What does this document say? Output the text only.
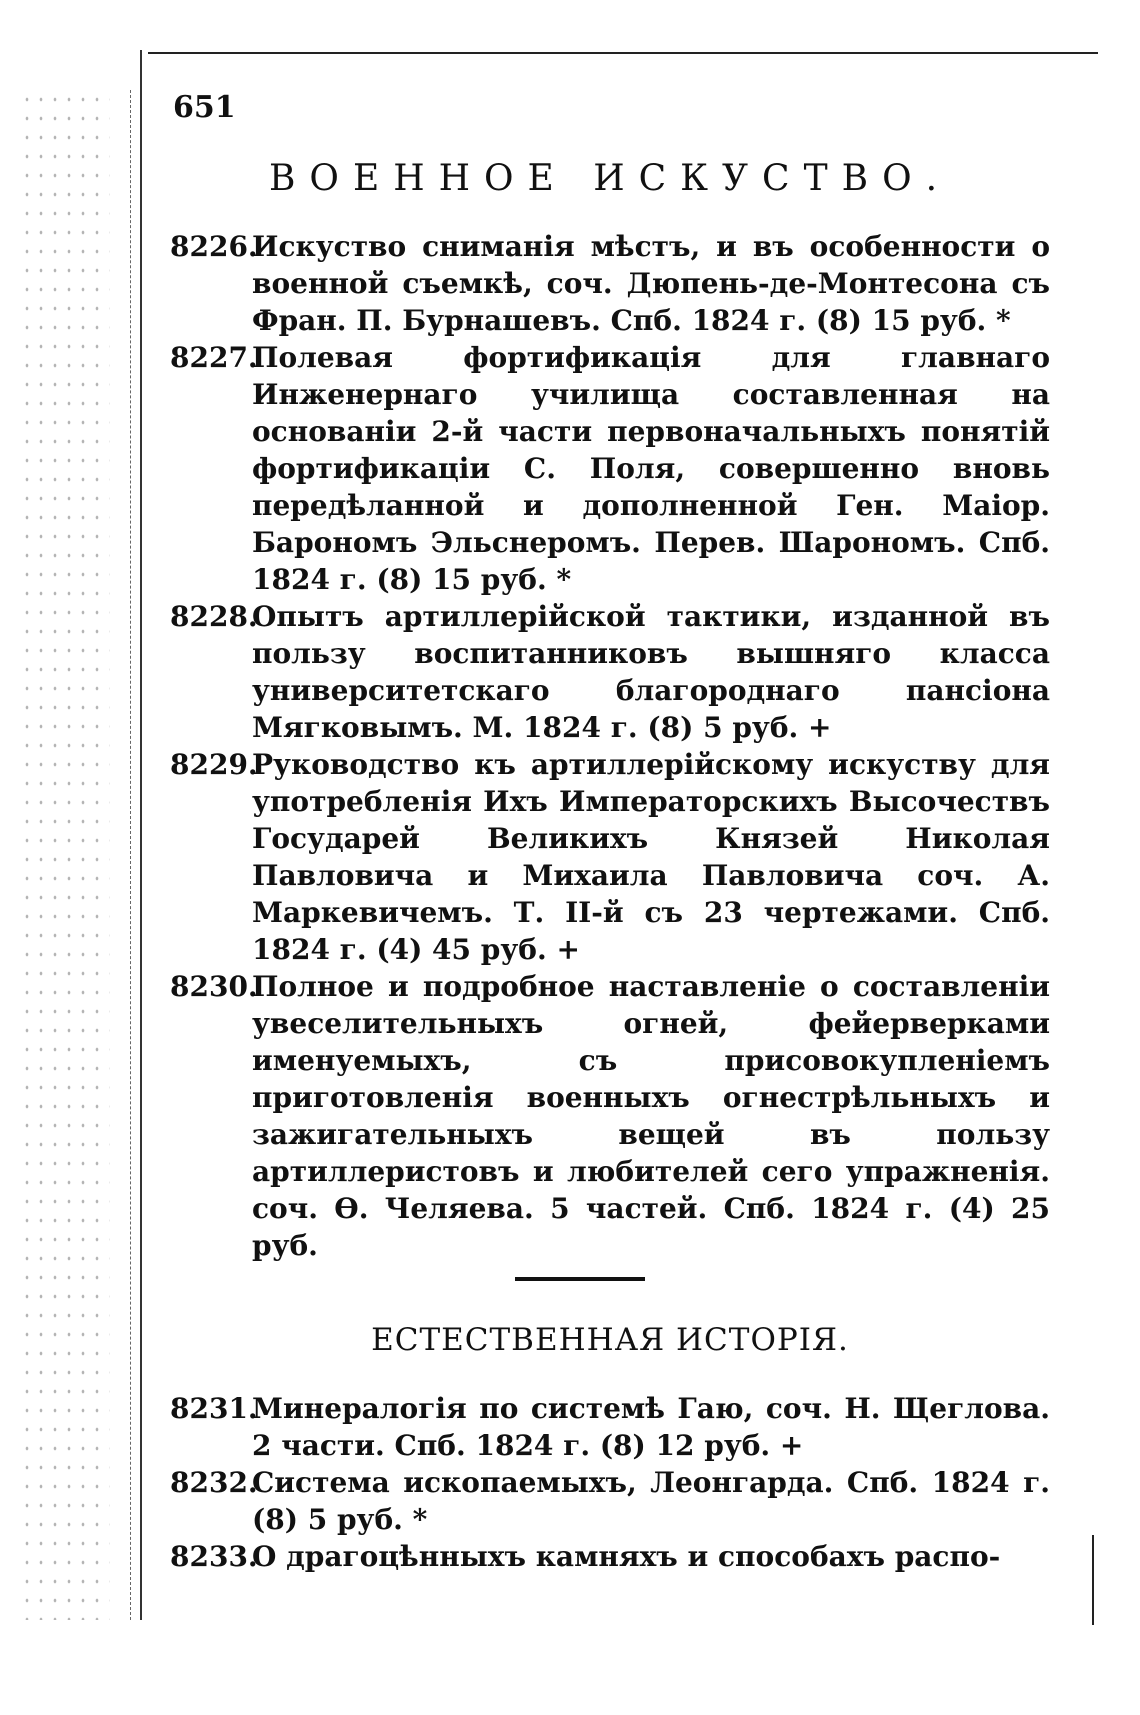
651
ВОЕННОЕ ИСКУСТВО.

8226.
Искуство сниманія мѣстъ, и въ особенности о военной съемкѣ, соч. Дюпень-де-Монтесона съ Фран. П. Бурнашевъ. Спб. 1824 г. (8) 15 руб. *

8227.
Полевая фортификація для главнаго Инженернаго училища составленная на основаніи 2-й части первоначальныхъ понятій фортификаціи С. Поля, совершенно вновь передѣланной и дополненной Ген. Маіор. Барономъ Эльснеромъ. Перев. Шарономъ. Спб. 1824 г. (8) 15 руб. *

8228.
Опытъ артиллерійской тактики, изданной въ пользу воспитанниковъ вышняго класса университетскаго благороднаго пансіона Мягковымъ. М. 1824 г. (8) 5 руб. +

8229.
Руководство къ артиллерійскому искуству для употребленія Ихъ Императорскихъ Высочествъ Государей Великихъ Князей Николая Павловича и Михаила Павловича соч. А. Маркевичемъ. Т. II-й съ 23 чертежами. Спб. 1824 г. (4) 45 руб. +

8230.
Полное и подробное наставленіе о составленіи увеселительныхъ огней, фейерверками именуемыхъ, съ присовокупленіемъ приготовленія военныхъ огнестрѣльныхъ и зажигательныхъ вещей въ пользу артиллеристовъ и любителей сего упражненія. соч. Ѳ. Челяева. 5 частей. Спб. 1824 г. (4) 25 руб.

ЕСТЕСТВЕННАЯ ИСТОРІЯ.

8231.
Минералогія по системѣ Гаю, соч. Н. Щеглова. 2 части. Спб. 1824 г. (8) 12 руб. +

8232.
Система ископаемыхъ, Леонгарда. Спб. 1824 г. (8) 5 руб. *

8233.
О драгоцѣнныхъ камняхъ и способахъ распо-
